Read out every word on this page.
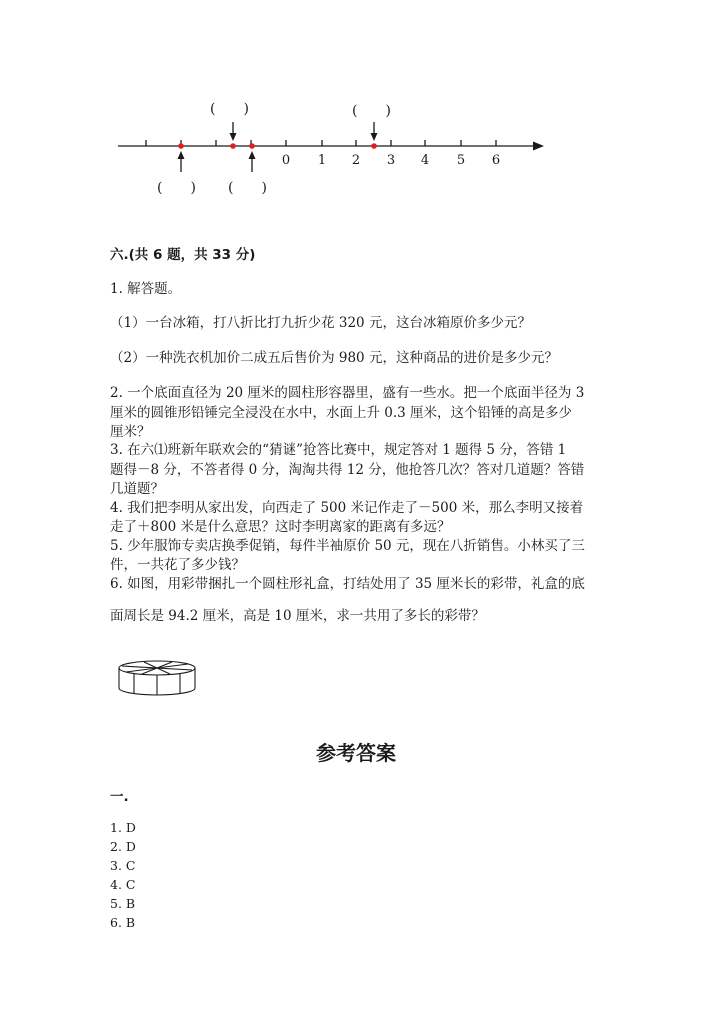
0 1 2 3 4 5 6
(　　)	(　　)
(　　) (　　)
六.(共 6 题，共 33 分)
1. 解答题。
（1）一台冰箱，打八折比打九折少花 320 元，这台冰箱原价多少元？
（2）一种洗衣机加价二成五后售价为 980 元，这种商品的进价是多少元？
2. 一个底面直径为 20 厘米的圆柱形容器里，盛有一些水。把一个底面半径为 3
厘米的圆锥形铅锤完全浸没在水中，水面上升 0.3 厘米，这个铅锤的高是多少
厘米？
3. 在六⑴班新年联欢会的“猜谜”抢答比赛中，规定答对 1 题得 5 分，答错 1
题得－8 分，不答者得 0 分，淘淘共得 12 分，他抢答几次？答对几道题？答错
几道题？
4. 我们把李明从家出发，向西走了 500 米记作走了－500 米，那么李明又接着
走了＋800 米是什么意思？这时李明离家的距离有多远？
5. 少年服饰专卖店换季促销，每件半袖原价 50 元，现在八折销售。小林买了三
件，一共花了多少钱？
6. 如图，用彩带捆扎一个圆柱形礼盒，打结处用了 35 厘米长的彩带，礼盒的底
面周长是 94.2 厘米，高是 10 厘米，求一共用了多长的彩带？
参考答案
一.
1. D
2. D
3. C
4. C
5. B
6. B
